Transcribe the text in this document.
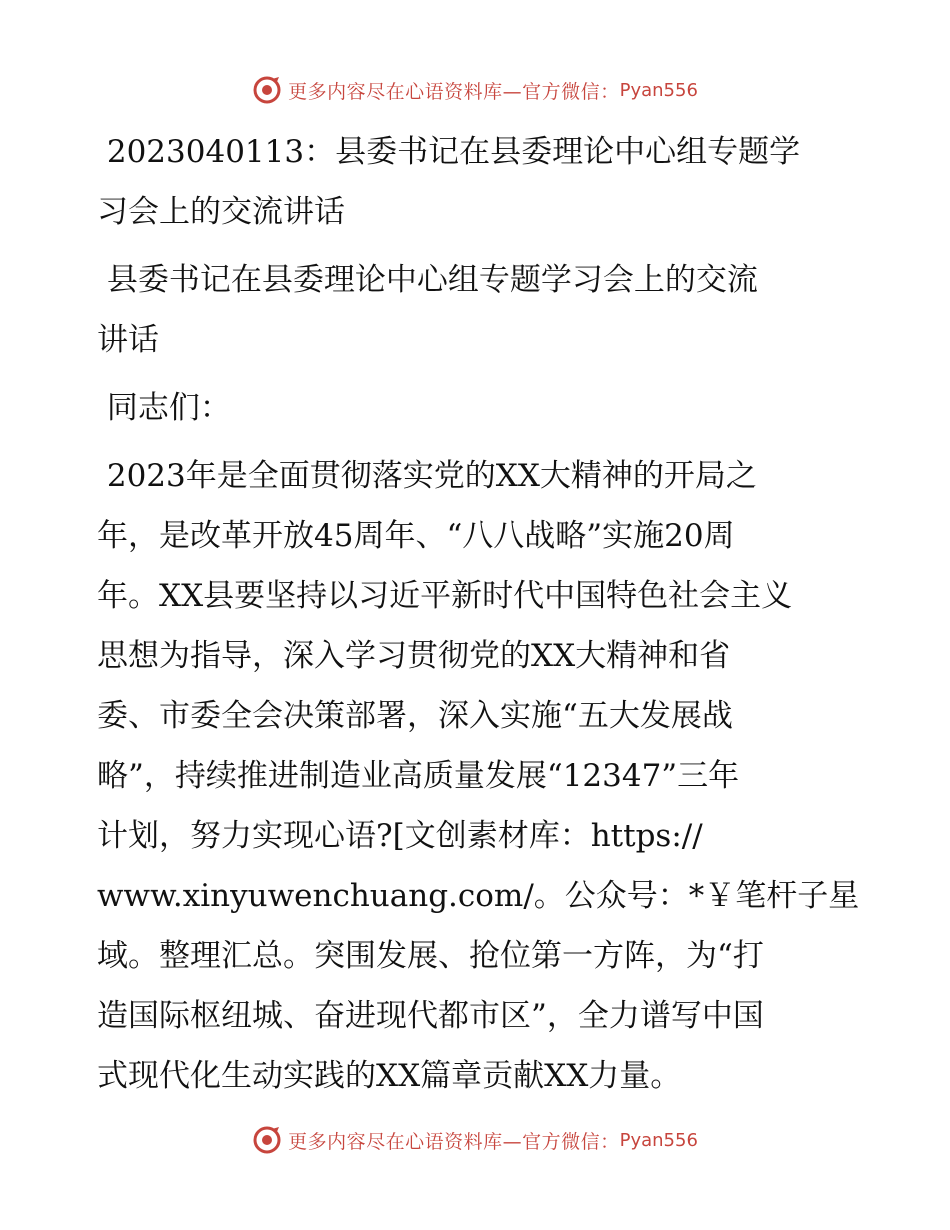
更多内容尽在心语资料库—官方微信： Pyan556

2023040113：县委书记在县委理论中心组专题学

习会上的交流讲话

县委书记在县委理论中心组专题学习会上的交流

讲话

同志们：

2023年是全面贯彻落实党的XX大精神的开局之

年，是改革开放45周年、“八八战略”实施20周

年。XX县要坚持以习近平新时代中国特色社会主义

思想为指导，深入学习贯彻党的XX大精神和省

委、市委全会决策部署，深入实施“五大发展战

略”，持续推进制造业高质量发展“12347”三年

计划，努力实现心语?[文创素材库：https://

www.xinyuwenchuang.com/。公众号：*￥笔杆子星

域。整理汇总。突围发展、抢位第一方阵，为“打

造国际枢纽城、奋进现代都市区”，全力谱写中国

式现代化生动实践的XX篇章贡献XX力量。

更多内容尽在心语资料库—官方微信： Pyan556
